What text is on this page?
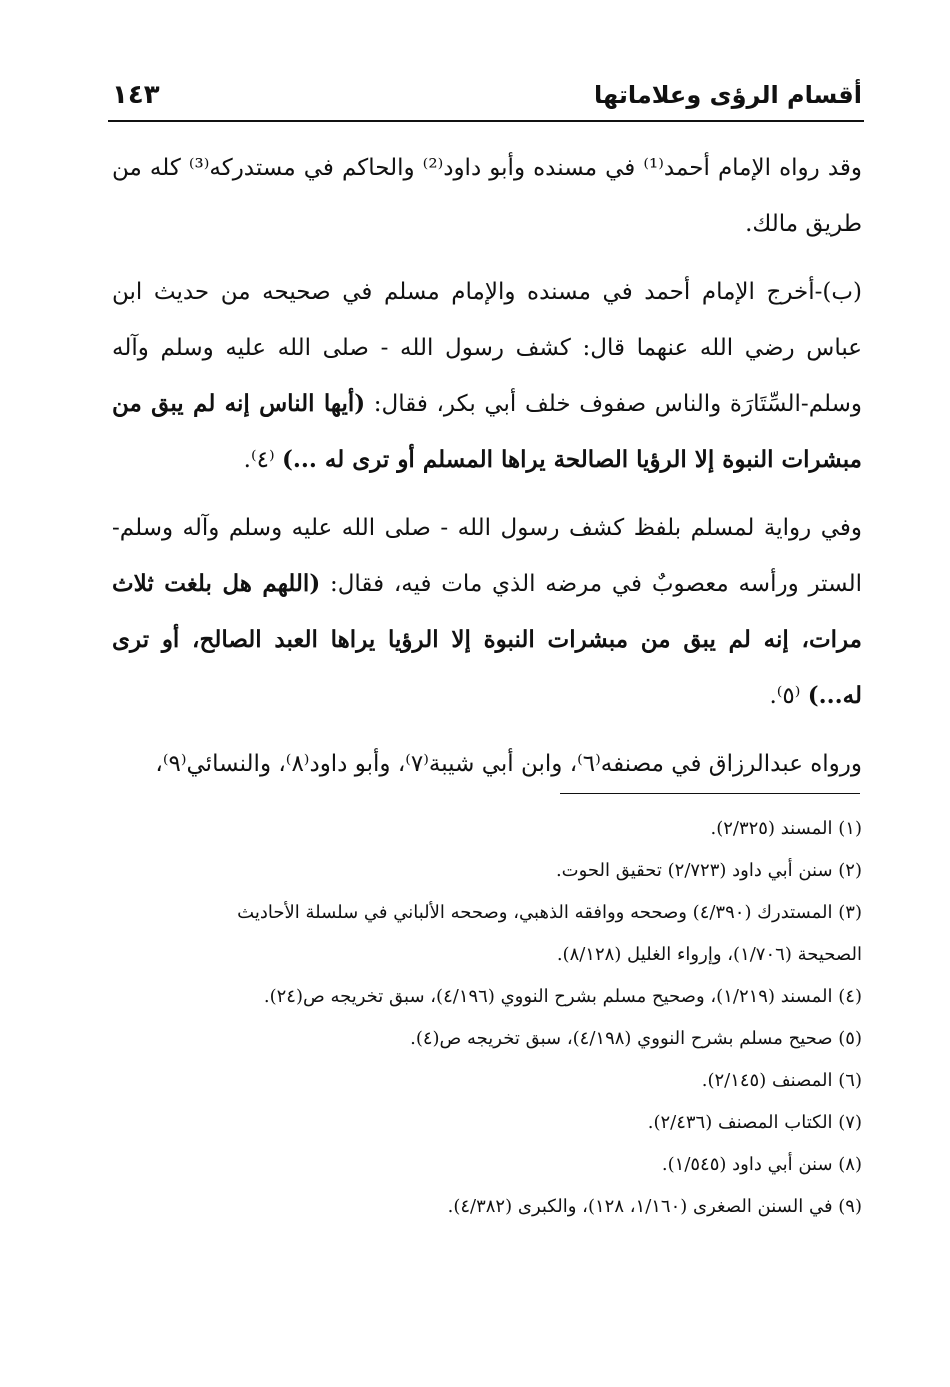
أقسام الرؤى وعلاماتها
١٤٣

وقد رواه الإمام أحمد⁽¹⁾ في مسنده وأبو داود⁽²⁾ والحاكم في مستدركه⁽³⁾ كله من طريق مالك.

(ب)-أخرج الإمام أحمد في مسنده والإمام مسلم في صحيحه من حديث ابن عباس رضي الله عنهما قال: كشف رسول الله - صلى الله عليه وسلم وآله وسلم-السِّتَارَة والناس صفوف خلف أبي بكر، فقال: (أيها الناس إنه لم يبق من مبشرات النبوة إلا الرؤيا الصالحة يراها المسلم أو ترى له ...) ⁽٤⁾.

وفي رواية لمسلم بلفظ كشف رسول الله - صلى الله عليه وسلم وآله وسلم-الستر ورأسه معصوبٌ في مرضه الذي مات فيه، فقال: (اللهم هل بلغت ثلاث مرات، إنه لم يبق من مبشرات النبوة إلا الرؤيا يراها العبد الصالح، أو ترى له...) ⁽٥⁾.

ورواه عبدالرزاق في مصنفه⁽٦⁾، وابن أبي شيبة⁽٧⁾، وأبو داود⁽٨⁾، والنسائي⁽٩⁾،

(١) المسند (٢/٣٢٥).

(٢) سنن أبي داود (٢/٧٢٣) تحقيق الحوت.

(٣) المستدرك (٤/٣٩٠) وصححه ووافقه الذهبي، وصححه الألباني في سلسلة الأحاديث

الصحيحة (١/٧٠٦)، وإرواء الغليل (٨/١٢٨).

(٤) المسند (١/٢١٩)، وصحيح مسلم بشرح النووي (٤/١٩٦)، سبق تخريجه ص(٢٤).

(٥) صحيح مسلم بشرح النووي (٤/١٩٨)، سبق تخريجه ص(٤).

(٦) المصنف (٢/١٤٥).

(٧) الكتاب المصنف (٢/٤٣٦).

(٨) سنن أبي داود (١/٥٤٥).

(٩) في السنن الصغرى (١/١٦٠، ١٢٨)، والكبرى (٤/٣٨٢).
